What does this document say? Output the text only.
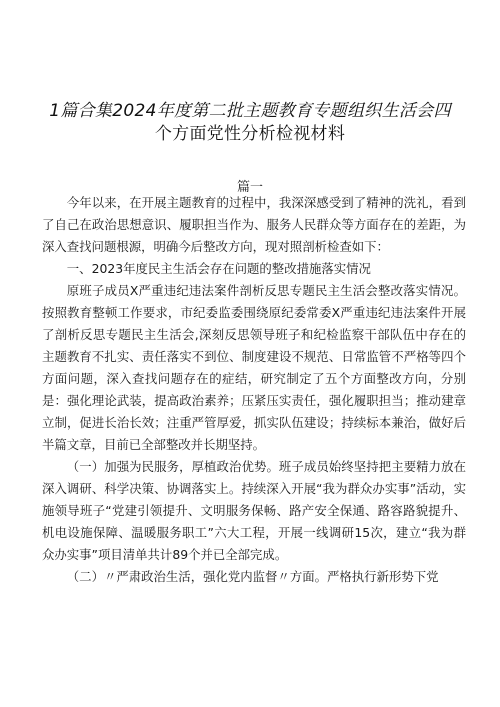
1篇合集2024年度第二批主题教育专题组织生活会四
个方面党性分析检视材料
篇一

今年以来，在开展主题教育的过程中，我深深感受到了精神的洗礼，看到了自己在政治思想意识、履职担当作为、服务人民群众等方面存在的差距，为深入查找问题根源，明确今后整改方向，现对照剖析检查如下：

一、2023年度民主生活会存在问题的整改措施落实情况

原班子成员X严重违纪违法案件剖析反思专题民主生活会整改落实情况。按照教育整顿工作要求，市纪委监委围绕原纪委常委X严重违纪违法案件开展了剖析反思专题民主生活会,深刻反思领导班子和纪检监察干部队伍中存在的主题教育不扎实、责任落实不到位、制度建设不规范、日常监管不严格等四个方面问题，深入查找问题存在的症结，研究制定了五个方面整改方向，分别是：强化理论武装，提高政治素养；压紧压实责任，强化履职担当；推动建章立制，促进长治长效；注重严管厚爱，抓实队伍建设；持续标本兼治，做好后半篇文章，目前已全部整改并长期坚持。

（一）加强为民服务，厚植政治优势。班子成员始终坚持把主要精力放在深入调研、科学决策、协调落实上。持续深入开展“我为群众办实事”活动，实施领导班子“党建引领提升、文明服务保畅、路产安全保通、路容路貌提升、机电设施保障、温暖服务职工”六大工程，开展一线调研15次，建立“我为群众办实事”项目清单共计89个并已全部完成。

（二）〃严肃政治生活，强化党内监督〃方面。严格执行新形势下党
